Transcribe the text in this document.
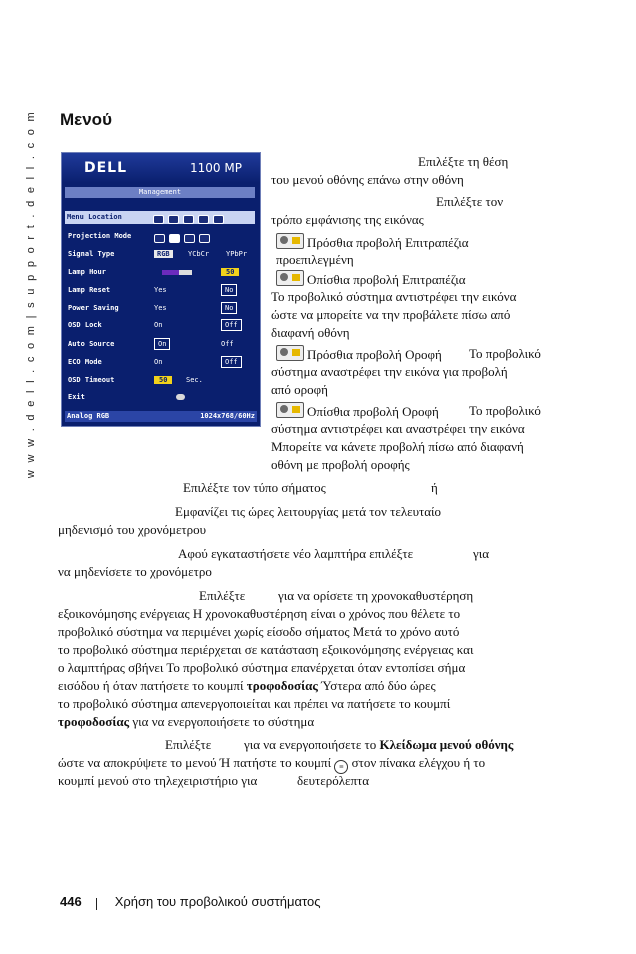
w w w . d e l l . c o m | s u p p o r t . d e l l . c o m Μενού
DELL	1100 MP
Management
Menu Location
Projection Mode
Signal Type	RGB	YCbCr YPbPr
Lamp Hour	50
Lamp Reset	Yes	No
Power Saving	Yes	No
OSD Lock	On	Off
Auto Source	On	Off
ECO Mode	On	Off
OSD Timeout	50	Sec.
Exit
Analog RGB	1024x768/60Hz
Επιλέξτε τη θέση
του μενού οθόνης επάνω στην οθόνη
Επιλέξτε τον
τρόπο εμφάνισης της εικόνας
Πρόσθια προβολή Επιτραπέζια
προεπιλεγμένη
Οπίσθια προβολή Επιτραπέζια
Το προβολικό σύστημα αντιστρέφει την εικόνα
ώστε να μπορείτε να την προβάλετε πίσω από
διαφανή οθόνη
Πρόσθια προβολή Οροφή Το προβολικό
σύστημα αναστρέφει την εικόνα για προβολή
από οροφή
Οπίσθια προβολή Οροφή Το προβολικό
σύστημα αντιστρέφει και αναστρέφει την εικόνα
Μπορείτε να κάνετε προβολή πίσω από διαφανή
οθόνη με προβολή οροφής
Επιλέξτε τον τύπο σήματος	ή
Εμφανίζει τις ώρες λειτουργίας μετά τον τελευταίο
μηδενισμό του χρονόμετρου
Αφού εγκαταστήσετε νέο λαμπτήρα επιλέξτε	για
να μηδενίσετε το χρονόμετρο
Επιλέξτε	για να ορίσετε τη χρονοκαθυστέρηση
εξοικονόμησης ενέργειας Η χρονοκαθυστέρηση είναι ο χρόνος που θέλετε το
προβολικό σύστημα να περιμένει χωρίς είσοδο σήματος Μετά το χρόνο αυτό
το προβολικό σύστημα περιέρχεται σε κατάσταση εξοικονόμησης ενέργειας και
ο λαμπτήρας σβήνει Το προβολικό σύστημα επανέρχεται όταν εντοπίσει σήμα
εισόδου ή όταν πατήσετε το κουμπί τροφοδοσίας Ύστερα από δύο ώρες
το προβολικό σύστημα απενεργοποιείται και πρέπει να πατήσετε το κουμπί
τροφοδοσίας για να ενεργοποιήσετε το σύστημα
Επιλέξτε	για να ενεργοποιήσετε το Κλείδωμα μενού οθόνης
ώστε να αποκρύψετε το μενού Ή πατήστε το κουμπί ≡ στον πίνακα ελέγχου ή το
κουμπί μενού στο τηλεχειριστήριο για	δευτερόλεπτα
446	Χρήση του προβολικού συστήματος
